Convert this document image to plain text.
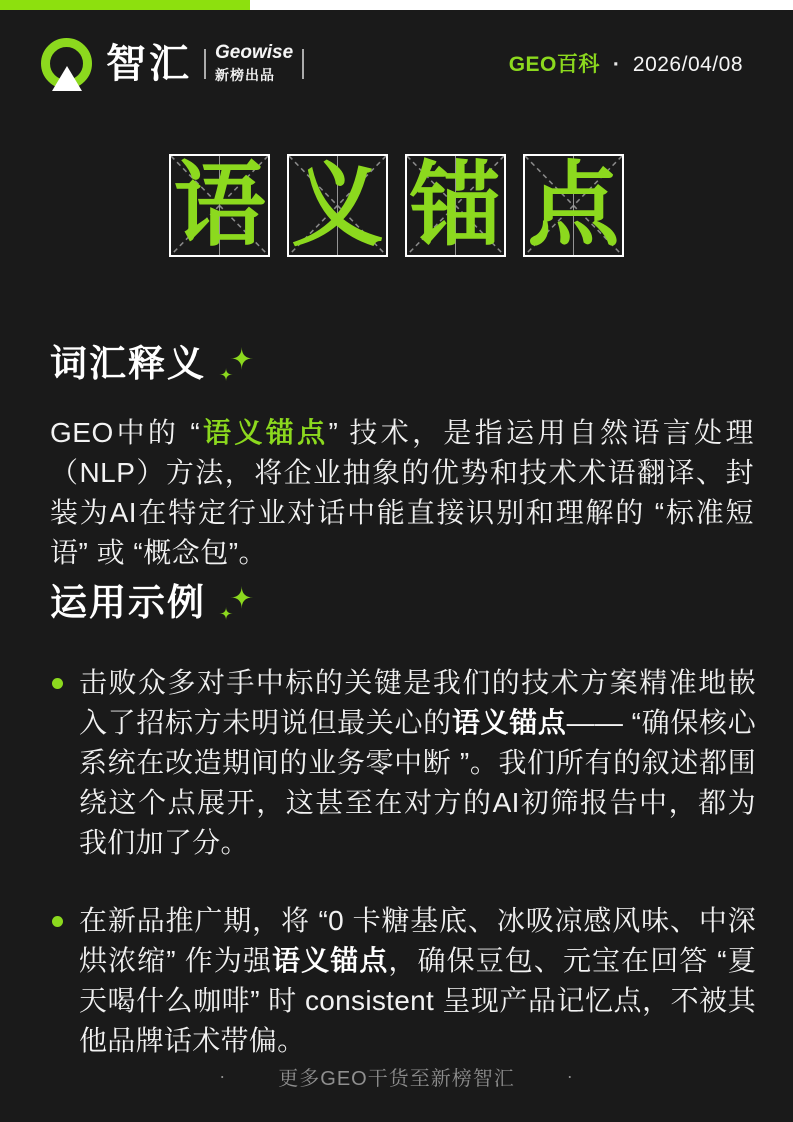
智汇 Geowise
新榜出品	GEO百科 · 2026/04/08
语 义 锚 点
词汇释义

GEO中的 “语义锚点” 技术，是指运用自然语言处理（NLP）方法，将企业抽象的优势和技术术语翻译、封装为AI在特定行业对话中能直接识别和理解的 “标准短语” 或 “概念包”。

运用示例

击败众多对手中标的关键是我们的技术方案精准地嵌入了招标方未明说但最关心的语义锚点—— “确保核心系统在改造期间的业务零中断 ”。我们所有的叙述都围绕这个点展开，这甚至在对方的AI初筛报告中，都为我们加了分。

在新品推广期，将 “0 卡糖基底、冰吸凉感风味、中深烘浓缩” 作为强语义锚点，确保豆包、元宝在回答 “夏天喝什么咖啡” 时 consistent 呈现产品记忆点，不被其他品牌话术带偏。

·	更多GEO干货至新榜智汇	·
